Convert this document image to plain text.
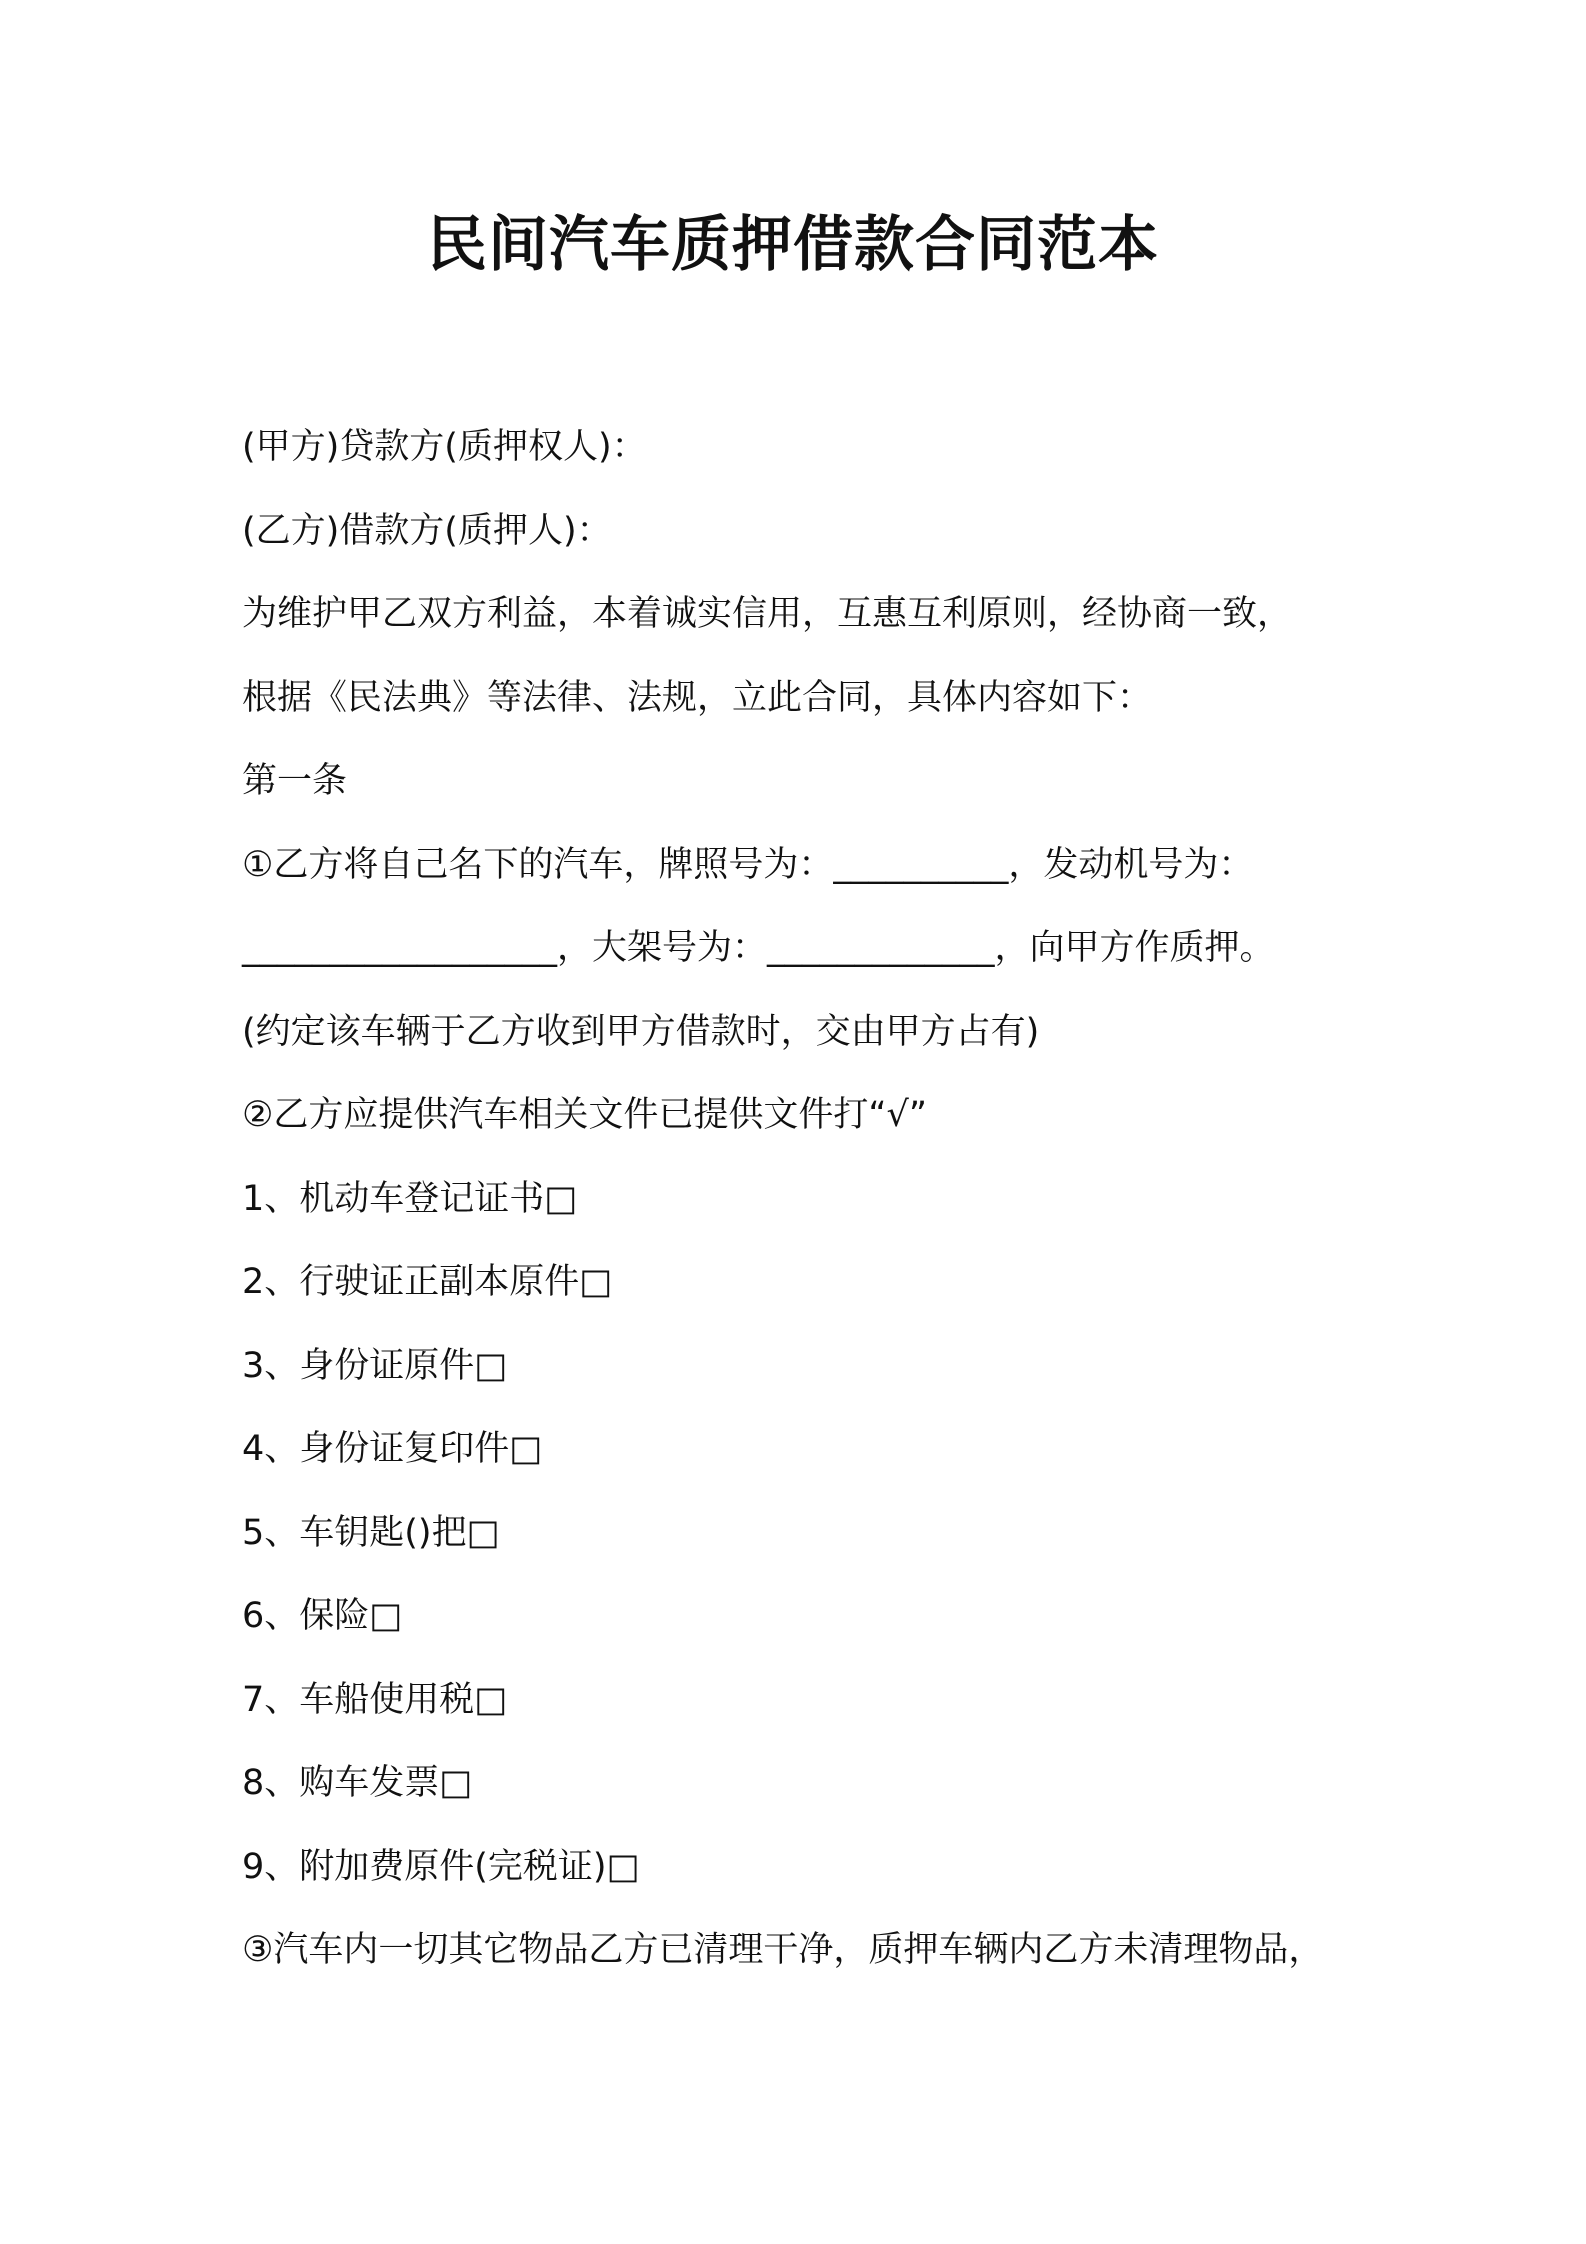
民间汽车质押借款合同范本
(甲方)贷款方(质押权人)：
(乙方)借款方(质押人)：
为维护甲乙双方利益，本着诚实信用，互惠互利原则，经协商一致，
根据《民法典》等法律、法规，立此合同，具体内容如下：
第一条
①乙方将自己名下的汽车，牌照号为：__________，发动机号为：
__________________，大架号为：_____________，向甲方作质押。
(约定该车辆于乙方收到甲方借款时，交由甲方占有)
②乙方应提供汽车相关文件已提供文件打“√”
1、机动车登记证书□
2、行驶证正副本原件□
3、身份证原件□
4、身份证复印件□
5、车钥匙()把□
6、保险□
7、车船使用税□
8、购车发票□
9、附加费原件(完税证)□
③汽车内一切其它物品乙方已清理干净，质押车辆内乙方未清理物品，
